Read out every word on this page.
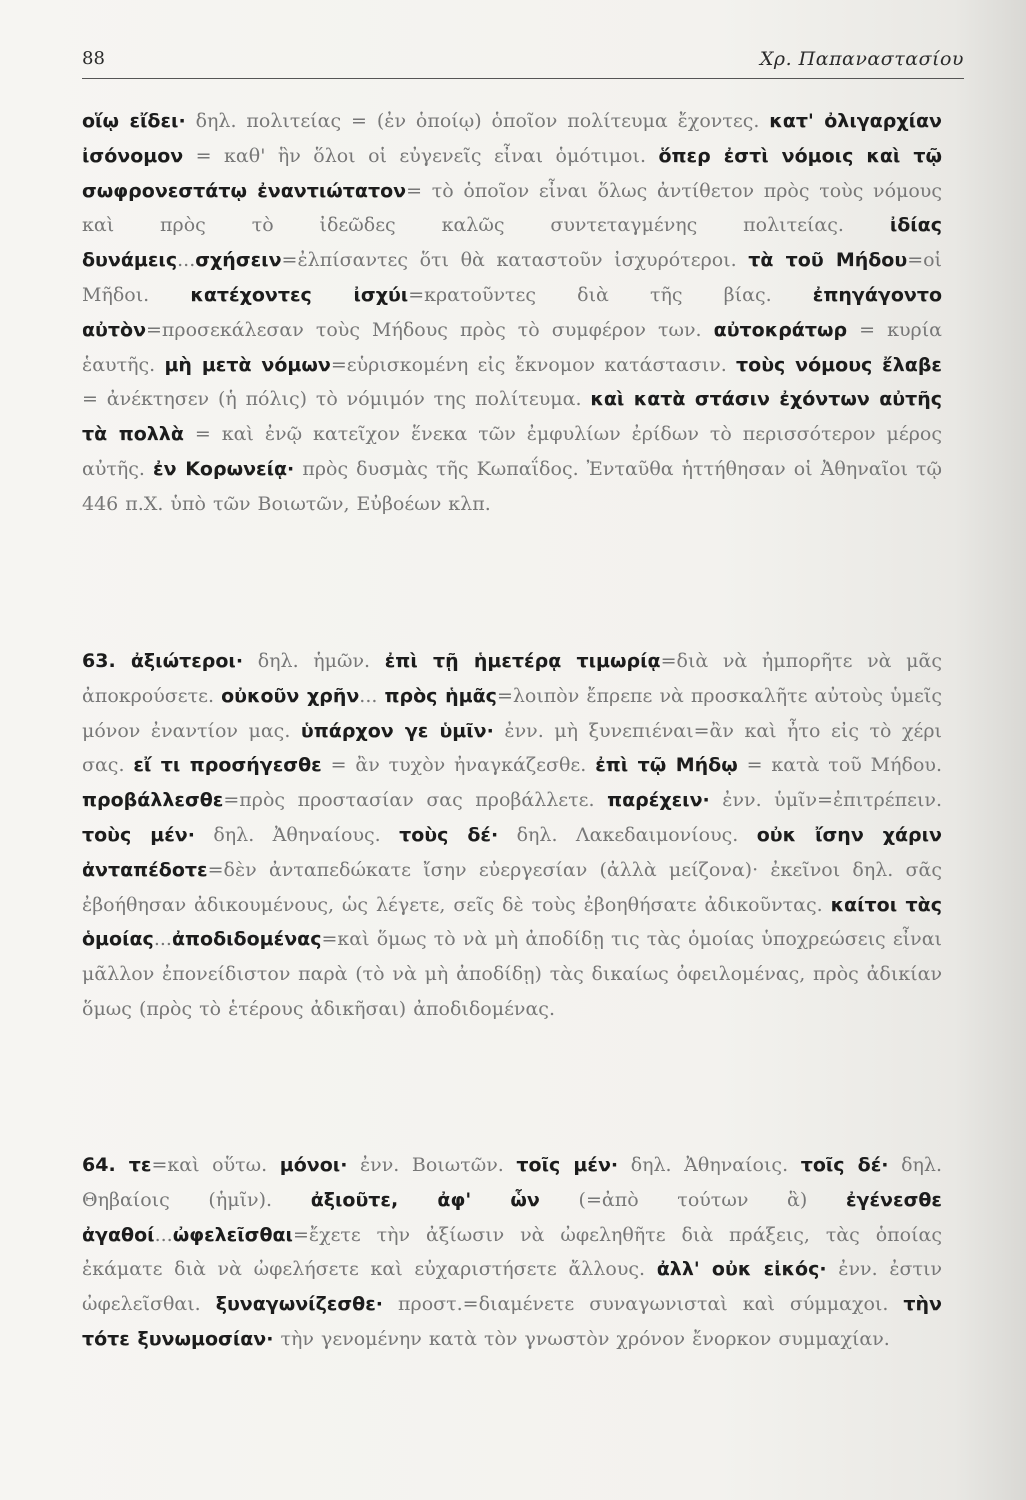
88	Χρ. Παπαναστασίου
οἵῳ εἴδει· δηλ. πολιτείας = (ἐν ὁποίῳ) ὁποῖον πολίτευμα ἔχοντες. κατ' ὀλιγαρχίαν ἰσόνομον = καθ' ἣν ὅλοι οἱ εὐγενεῖς εἶναι ὁμότιμοι. ὅπερ ἐστὶ νόμοις καὶ τῷ σωφρονεστάτῳ ἐναντιώτατον= τὸ ὁποῖον εἶναι ὅλως ἀντίθετον πρὸς τοὺς νόμους καὶ πρὸς τὸ ἰδεῶδες καλῶς συντεταγμένης πολιτείας. ἰδίας δυνάμεις...σχήσειν=ἐλπίσαντες ὅτι θὰ καταστοῦν ἰσχυρότεροι. τὰ τοῦ Μήδου=οἱ Μῆδοι. κατέχοντες ἰσχύι=κρατοῦντες διὰ τῆς βίας. ἐπηγάγοντο αὐτὸν=προσεκάλεσαν τοὺς Μήδους πρὸς τὸ συμφέρον των. αὐτοκράτωρ = κυρία ἑαυτῆς. μὴ μετὰ νόμων=εὑρισκομένη εἰς ἔκνομον κατάστασιν. τοὺς νόμους ἔλαβε = ἀνέκτησεν (ἡ πόλις) τὸ νόμιμόν της πολίτευμα. καὶ κατὰ στάσιν ἐχόντων αὐτῆς τὰ πολλὰ = καὶ ἐνῷ κατεῖχον ἕνεκα τῶν ἐμφυλίων ἐρίδων τὸ περισσότερον μέρος αὐτῆς. ἐν Κορωνείᾳ· πρὸς δυσμὰς τῆς Κωπαΐδος. Ἐνταῦθα ἡττήθησαν οἱ Ἀθηναῖοι τῷ 446 π.Χ. ὑπὸ τῶν Βοιωτῶν, Εὐβοέων κλπ.
63. ἀξιώτεροι· δηλ. ἡμῶν. ἐπὶ τῇ ἡμετέρᾳ τιμωρίᾳ=διὰ νὰ ἠμπορῆτε νὰ μᾶς ἀποκρούσετε. οὐκοῦν χρῆν... πρὸς ἡμᾶς=λοιπὸν ἔπρεπε νὰ προσκαλῆτε αὐτοὺς ὑμεῖς μόνον ἐναντίον μας. ὑπάρχον γε ὑμῖν· ἐνν. μὴ ξυνεπιέναι=ἂν καὶ ἦτο εἰς τὸ χέρι σας. εἴ τι προσήγεσθε = ἂν τυχὸν ἠναγκάζεσθε. ἐπὶ τῷ Μήδῳ = κατὰ τοῦ Μήδου. προβάλλεσθε=πρὸς προστασίαν σας προβάλλετε. παρέχειν· ἐνν. ὑμῖν=ἐπιτρέπειν. τοὺς μέν· δηλ. Ἀθηναίους. τοὺς δέ· δηλ. Λακεδαιμονίους. οὐκ ἴσην χάριν ἀνταπέδοτε=δὲν ἀνταπεδώκατε ἴσην εὐεργεσίαν (ἀλλὰ μείζονα)· ἐκεῖνοι δηλ. σᾶς ἐβοήθησαν ἀδικουμένους, ὡς λέγετε, σεῖς δὲ τοὺς ἐβοηθήσατε ἀδικοῦντας. καίτοι τὰς ὁμοίας...ἀποδιδομένας=καὶ ὅμως τὸ νὰ μὴ ἀποδίδῃ τις τὰς ὁμοίας ὑποχρεώσεις εἶναι μᾶλλον ἐπονείδιστον παρὰ (τὸ νὰ μὴ ἀποδίδῃ) τὰς δικαίως ὀφειλομένας, πρὸς ἀδικίαν ὅμως (πρὸς τὸ ἑτέρους ἀδικῆσαι) ἀποδιδομένας.
64. τε=καὶ οὕτω. μόνοι· ἐνν. Βοιωτῶν. τοῖς μέν· δηλ. Ἀθηναίοις. τοῖς δέ· δηλ. Θηβαίοις (ἡμῖν). ἀξιοῦτε, ἀφ' ὧν (=ἀπὸ τούτων ἃ) ἐγένεσθε ἀγαθοί...ὠφελεῖσθαι=ἔχετε τὴν ἀξίωσιν νὰ ὠφεληθῆτε διὰ πράξεις, τὰς ὁποίας ἐκάματε διὰ νὰ ὠφελήσετε καὶ εὐχαριστήσετε ἄλλους. ἀλλ' οὐκ εἰκός· ἐνν. ἐστιν ὠφελεῖσθαι. ξυναγωνίζεσθε· προστ.=διαμένετε συναγωνισταὶ καὶ σύμμαχοι. τὴν τότε ξυνωμοσίαν· τὴν γενομένην κατὰ τὸν γνωστὸν χρόνον ἔνορκον συμμαχίαν.
